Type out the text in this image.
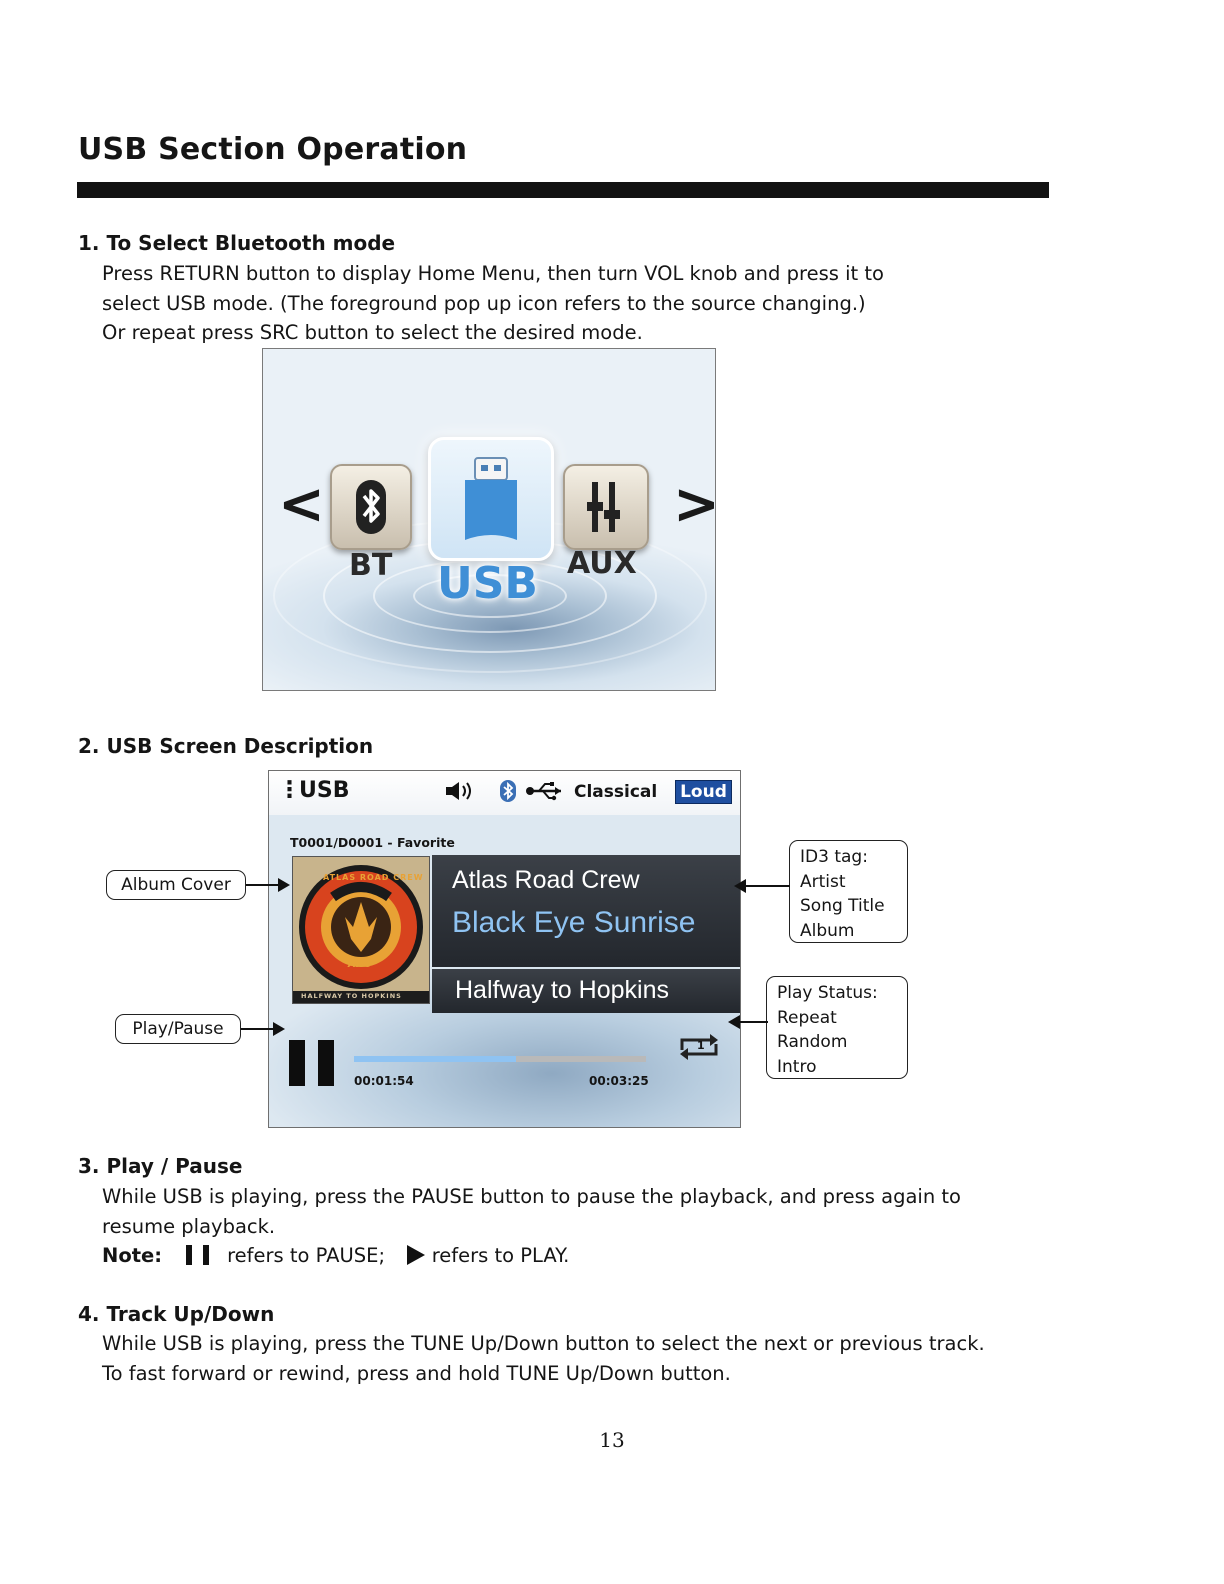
USB Section Operation
1. To Select Bluetooth mode

Press RETURN button to display Home Menu, then turn VOL knob and press it to

select USB mode. (The foreground pop up icon refers to the source changing.)

Or repeat press SRC button to select the desired mode.

<	>
BT USB AUX
2. USB Screen Description
⋮
USB	Classical Loud
T0001/D0001 - Favorite
ATLAS ROAD CREW
ARC
HALFWAY TO HOPKINS
Atlas Road Crew
Black Eye Sunrise
Halfway to Hopkins
00:01:54	00:03:25
1

Album Cover

Play/Pause

ID3 tag:

Artist

Song Title

Album

Play Status:

Repeat

Random

Intro

3. Play / Pause

While USB is playing, press the PAUSE button to pause the playback, and press again to

resume playback.

Note:	refers to PAUSE; refers to PLAY.

4. Track Up/Down

While USB is playing, press the TUNE Up/Down button to select the next or previous track.

To fast forward or rewind, press and hold TUNE Up/Down button.

13
